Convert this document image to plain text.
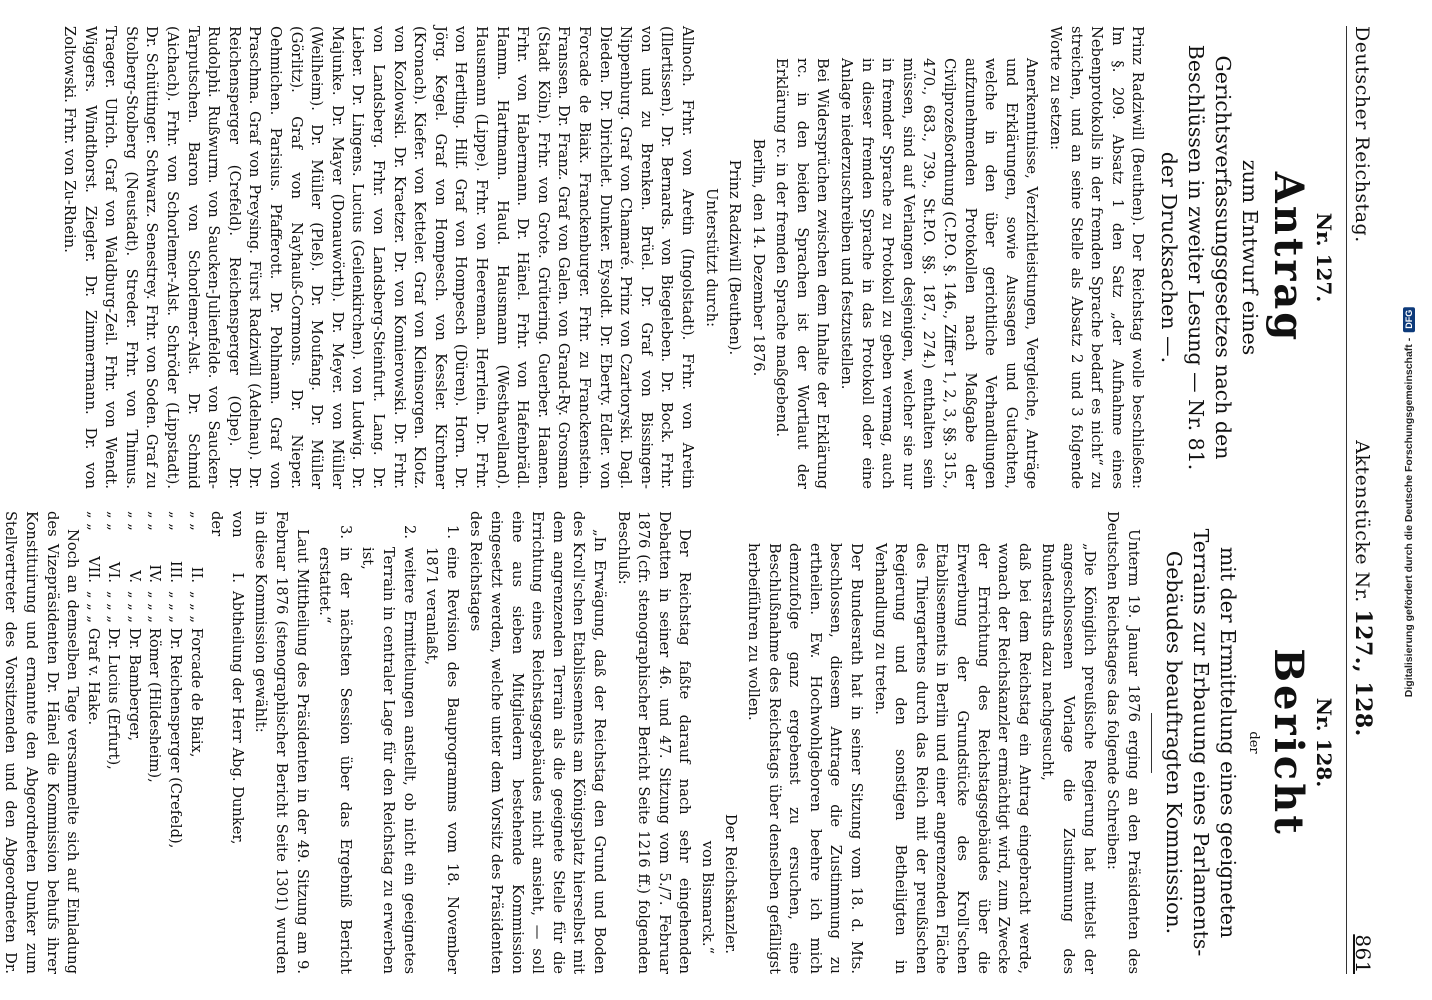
Digitalisierung gefördert durch die Deutsche Forschungsgemeinschaft -
DFG
Deutscher Reichstag.
Aktenstücke Nr. 127., 128.
861
Nr. 127.
Antrag
zum Entwurf eines Gerichtsverfassungsgesetzes nach den Beschlüssen in zweiter Lesung — Nr. 81. der Drucksachen —.

Prinz Radziwill (Beuthen). Der Reichstag wolle beschließen: Im §. 209. Absatz 1 den Satz „der Aufnahme eines Nebenprotokolls in der fremden Sprache bedarf es nicht“ zu streichen, und an seine Stelle als Absatz 2 und 3 folgende Worte zu setzen:

Anerkenntnisse, Verzichtleistungen, Vergleiche, Anträge und Erklärungen, sowie Aussagen und Gutachten, welche in den über gerichtliche Verhandlungen aufzunehmenden Protokollen nach Maßgabe der Civilprozeßordnung (C.P.O. §. 146., Ziffer 1, 2, 3, §§. 315., 470., 683., 739., St.P.O. §§. 187., 274.) enthalten sein müssen, sind auf Verlangen desjenigen, welcher sie nur in fremder Sprache zu Protokoll zu geben vermag, auch in dieser fremden Sprache in das Protokoll oder eine Anlage niederzuschreiben und festzustellen.

Bei Widersprüchen zwischen dem Inhalte der Erklärung rc. in den beiden Sprachen ist der Wortlaut der Erklärung rc. in der fremden Sprache maßgebend.

Berlin, den 14. Dezember 1876.

Prinz Radziwill (Beuthen).

Unterstützt durch:

Allnoch. Frhr. von Aretin (Ingolstadt). Frhr. von Aretin (Illertissen). Dr. Bernards. von Biegeleben. Dr. Bock. Frhr. von und zu Brenken. Brüel. Dr. Graf von Bissingen-Nippenburg. Graf von Chamaré. Prinz von Czartoryski. Dagl. Dieden. Dr. Dirichlet. Dunker. Eysoldt. Dr. Eberty. Edler. von Forcade de Biaix. Franckenburger. Frhr. zu Franckenstein. Franssen. Dr. Franz. Graf von Galen. von Grand-Ry. Grosman (Stadt Köln). Frhr. von Grote. Grütering. Guerber. Haanen. Frhr. von Habermann. Dr. Hänel. Frhr. von Hafenbrädl. Hamm. Hartmann. Haud. Hausmann (Westhavelland). Hausmann (Lippe). Frhr. von Heereman. Herrlein. Dr. Frhr. von Hertling. Hilf. Graf von Hompesch (Düren). Horn. Dr. Jörg. Kegel. Graf von Hompesch. von Kessler. Kirchner (Kronach). Kiefer. von Ketteler. Graf von Kleinsorgen. Klotz. von Kozlowski. Dr. Kraetzer. Dr. von Komierowski. Dr. Frhr. von Landsberg. Frhr. von Landsberg-Steinfurt. Lang. Dr. Lieber. Dr. Lingens. Lucius (Geilenkirchen). von Ludwig. Dr. Majunke. Dr. Mayer (Donauwörth). Dr. Meyer. von Müller (Weilheim). Dr. Müller (Pleß). Dr. Moufang. Dr. Müller (Görlitz). Graf von Nayhauß-Cormons. Dr. Nieper. Oehmichen. Parisius. Pfafferott. Dr. Pohlmann. Graf von Praschma. Graf von Preysing. Fürst Radziwill (Adelnau). Dr. Reichensperger (Crefeld). Reichensperger (Olpe). Dr. Rudolphi. Rußwurm. von Saucken-Julienfelde. von Saucken-Tarputschen. Baron von Schorlemer-Alst. Dr. Schmid (Aichach). Frhr. von Schorlemer-Alst. Schröder (Lippstadt). Dr. Schüttinger. Schwarz. Senestrey. Frhr. von Soden. Graf zu Stolberg-Stolberg (Neustadt). Streder. Frhr. von Thimus. Traeger. Ulrich. Graf von Waldburg-Zeil. Frhr. von Wendt. Wiggers. Windthorst. Ziegler. Dr. Zimmermann. Dr. von Zoltowski. Frhr. von Zu-Rhein.

Nr. 128.
Bericht
der
mit der Ermittelung eines geeigneten Terrains zur Erbauung eines Parlaments-Gebäudes beauftragten Kommission.

Unterm 19. Januar 1876 erging an den Präsidenten des Deutschen Reichstages das folgende Schreiben:

„Die Königlich preußische Regierung hat mittelst der angeschlossenen Vorlage die Zustimmung des Bundesraths dazu nachgesucht,

daß bei dem Reichstag ein Antrag eingebracht werde, wonach der Reichskanzler ermächtigt wird, zum Zwecke der Errichtung des Reichstagsgebäudes über die Erwerbung der Grundstücke des Kroll'schen Etablissements in Berlin und einer angrenzenden Fläche des Thiergartens durch das Reich mit der preußischen Regierung und den sonstigen Betheiligten in Verhandlung zu treten.

Der Bundesrath hat in seiner Sitzung vom 18. d. Mts. beschlossen, diesem Antrage die Zustimmung zu ertheilen. Ew. Hochwohlgeboren beehre ich mich demzufolge ganz ergebenst zu ersuchen, eine Beschlußnahme des Reichstags über denselben gefälligst herbeiführen zu wollen.

Der Reichskanzler.

von Bismarck.“

Der Reichstag faßte darauf nach sehr eingehenden Debatten in seiner 46. und 47. Sitzung vom 5./7. Februar 1876 (cfr. stenographischer Bericht Seite 1216 ff.) folgenden Beschluß:

„In Erwägung, daß der Reichstag den Grund und Boden des Kroll'schen Etablissements am Königsplatz hierselbst mit dem angrenzenden Terrain als die geeignete Stelle für die Errichtung eines Reichstagsgebäudes nicht ansieht, — soll eine aus sieben Mitgliedern bestehende Kommission eingesetzt werden, welche unter dem Vorsitz des Präsidenten des Reichstages

1.
eine Revision des Bauprogramms vom 18. November 1871 veranlaßt,
2.
weitere Ermittelungen anstellt, ob nicht ein geeignetes Terrain in centraler Lage für den Reichstag zu erwerben ist,
3.
in der nächsten Session über das Ergebniß Bericht erstattet.“

Laut Mittheilung des Präsidenten in der 49. Sitzung am 9. Februar 1876 (stenographischer Bericht Seite 1301) wurden in diese Kommission gewählt:

von der
I.
Abtheilung der Herr Abg. Dunker,
„ „
II.
„ „ „ Forcade de Biaix,
„ „
III.
„ „ „ Dr. Reichensperger (Crefeld),
„ „
IV.
„ „ „ Römer (Hildesheim),
„ „
V.
„ „ „ Dr. Bamberger,
„ „
VI.
„ „ „ Dr. Lucius (Erfurt),
„ „
VII.
„ „ „ Graf v. Hake.

Noch an demselben Tage versammelte sich auf Einladung des Vizepräsidenten Dr. Hänel die Kommission behufs ihrer Konstituirung und ernannte den Abgeordneten Dunker zum Stellvertreter des Vorsitzenden und den Abgeordneten Dr.
